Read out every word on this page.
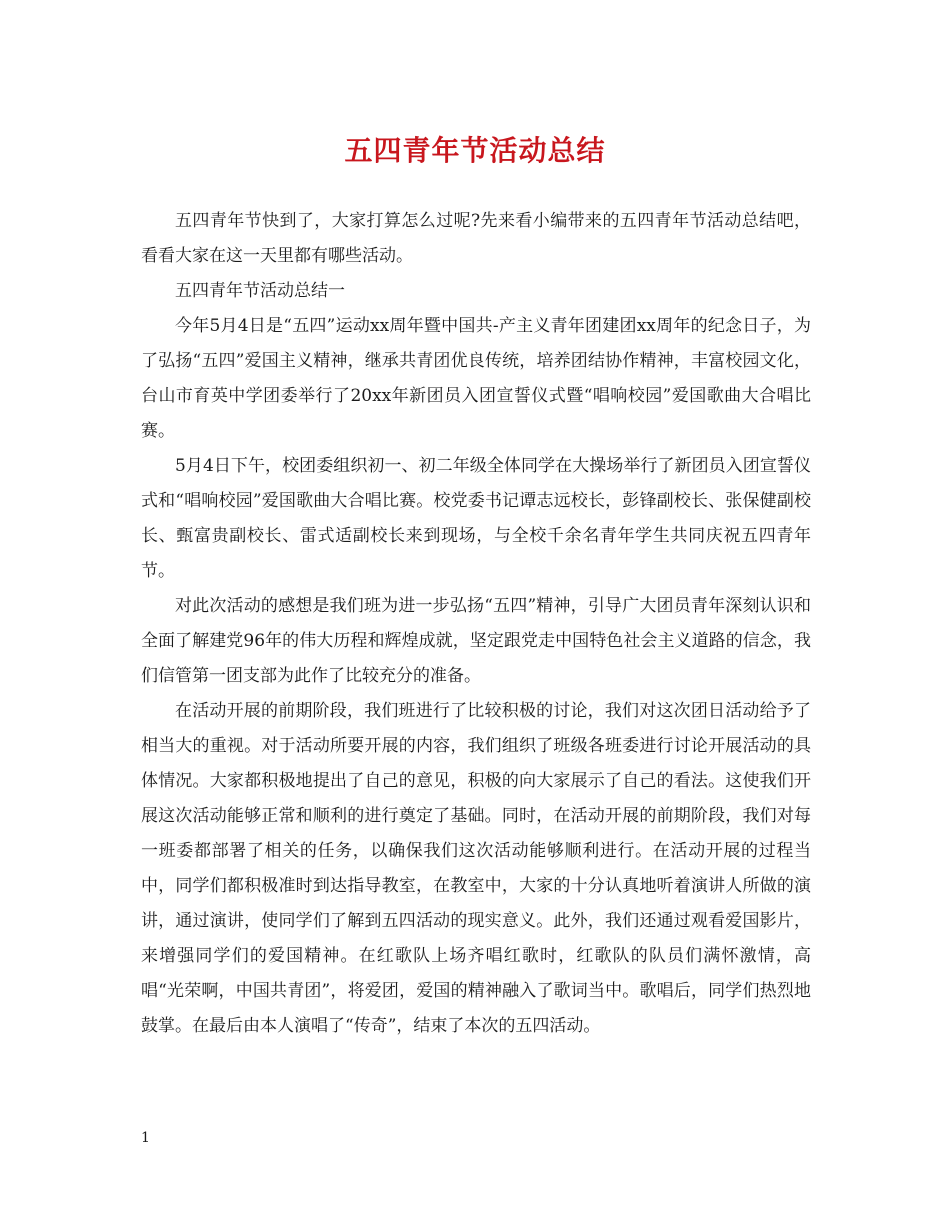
五四青年节活动总结

五四青年节快到了，大家打算怎么过呢?先来看小编带来的五四青年节活动总结吧，看看大家在这一天里都有哪些活动。

五四青年节活动总结一

今年5月4日是“五四”运动xx周年暨中国共-产主义青年团建团xx周年的纪念日子，为了弘扬“五四”爱国主义精神，继承共青团优良传统，培养团结协作精神，丰富校园文化，台山市育英中学团委举行了20xx年新团员入团宣誓仪式暨“唱响校园”爱国歌曲大合唱比赛。

5月4日下午，校团委组织初一、初二年级全体同学在大操场举行了新团员入团宣誓仪式和“唱响校园”爱国歌曲大合唱比赛。校党委书记谭志远校长，彭锋副校长、张保健副校长、甄富贵副校长、雷式适副校长来到现场，与全校千余名青年学生共同庆祝五四青年节。

对此次活动的感想是我们班为进一步弘扬“五四”精神，引导广大团员青年深刻认识和全面了解建党96年的伟大历程和辉煌成就，坚定跟党走中国特色社会主义道路的信念，我们信管第一团支部为此作了比较充分的准备。

在活动开展的前期阶段，我们班进行了比较积极的讨论，我们对这次团日活动给予了相当大的重视。对于活动所要开展的内容，我们组织了班级各班委进行讨论开展活动的具体情况。大家都积极地提出了自己的意见，积极的向大家展示了自己的看法。这使我们开展这次活动能够正常和顺利的进行奠定了基础。同时，在活动开展的前期阶段，我们对每一班委都部署了相关的任务，以确保我们这次活动能够顺利进行。在活动开展的过程当中，同学们都积极准时到达指导教室，在教室中，大家的十分认真地听着演讲人所做的演讲，通过演讲，使同学们了解到五四活动的现实意义。此外，我们还通过观看爱国影片，来增强同学们的爱国精神。在红歌队上场齐唱红歌时，红歌队的队员们满怀激情，高唱“光荣啊，中国共青团”，将爱团，爱国的精神融入了歌词当中。歌唱后，同学们热烈地鼓掌。在最后由本人演唱了“传奇”，结束了本次的五四活动。

1
